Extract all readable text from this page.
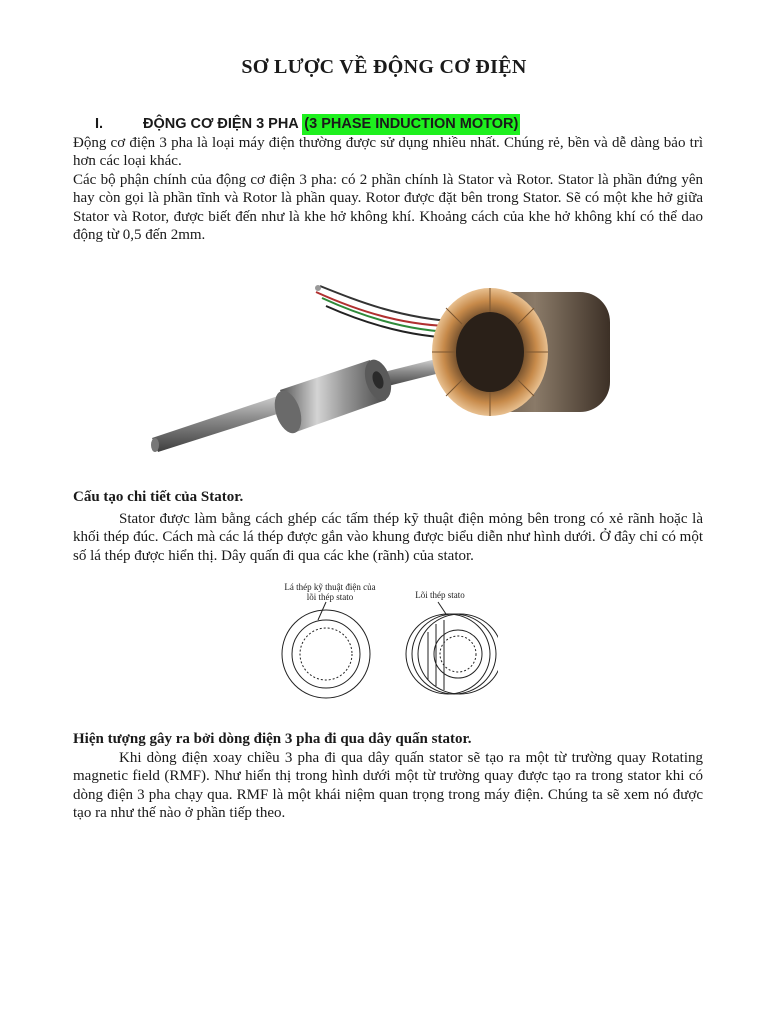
SƠ LƯỢC VỀ ĐỘNG CƠ ĐIỆN
I.	ĐỘNG CƠ ĐIỆN 3 PHA (3 PHASE INDUCTION MOTOR)

Động cơ điện 3 pha là loại máy điện thường được sử dụng nhiều nhất. Chúng rẻ, bền và dễ dàng bảo trì hơn các loại khác.

Các bộ phận chính của động cơ điện 3 pha: có 2 phần chính là Stator và Rotor. Stator là phần đứng yên hay còn gọi là phần tĩnh và Rotor là phần quay. Rotor được đặt bên trong Stator. Sẽ có một khe hở giữa Stator và Rotor, được biết đến như là khe hở không khí. Khoảng cách của khe hở không khí có thể dao động từ 0,5 đến 2mm.

Cấu tạo chi tiết của Stator.

Stator được làm bằng cách ghép các tấm thép kỹ thuật điện mỏng bên trong có xẻ rãnh hoặc là khối thép đúc. Cách mà các lá thép được gắn vào khung được biểu diễn như hình dưới. Ở đây chỉ có một số lá thép được hiển thị. Dây quấn đi qua các khe (rãnh) của stator.

Lá thép kỹ thuật điện của lõi thép stato	Lõi thép stato
Hiện tượng gây ra bởi dòng điện 3 pha đi qua dây quấn stator.

Khi dòng điện xoay chiều 3 pha đi qua dây quấn stator sẽ tạo ra một từ trường quay Rotating magnetic field (RMF). Như hiển thị trong hình dưới một từ trường quay được tạo ra trong stator khi có dòng điện 3 pha chạy qua. RMF là một khái niệm quan trọng trong máy điện. Chúng ta sẽ xem nó được tạo ra như thế nào ở phần tiếp theo.
